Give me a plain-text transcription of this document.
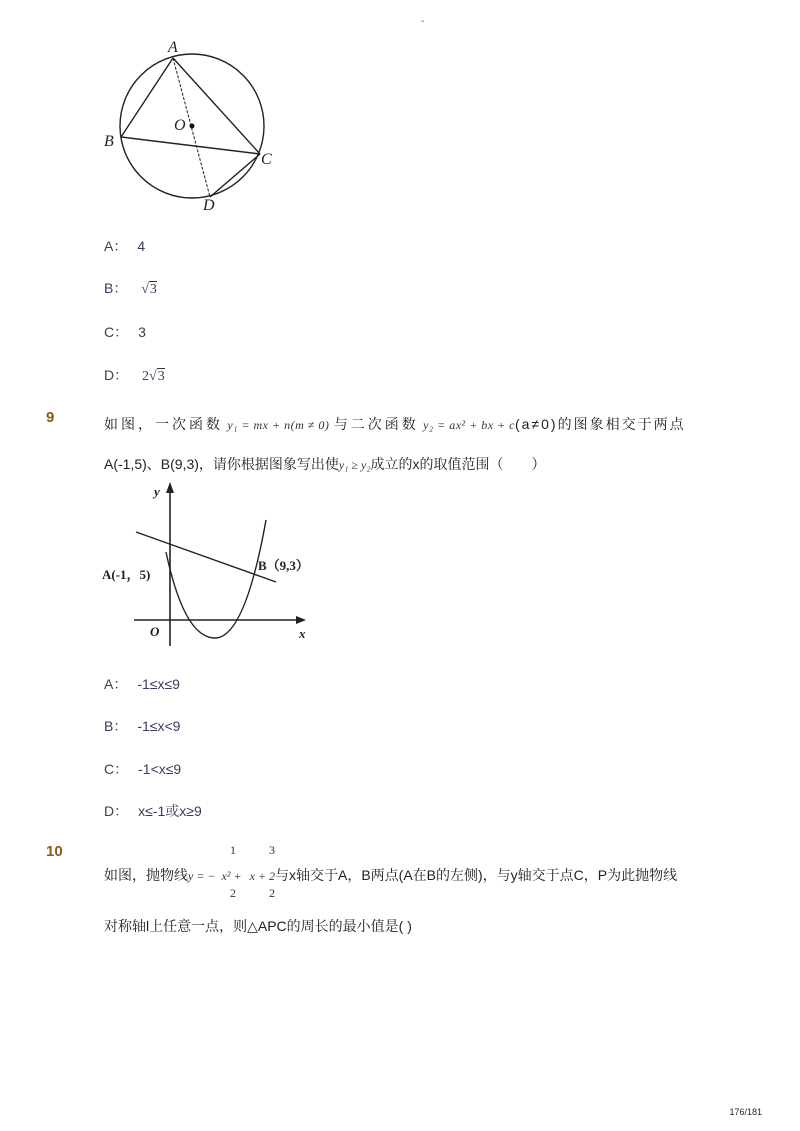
-
A
O
B
C
D
A： 4
B： √3
C： 3
D： 2√3
9	如图，一次函数 y₁ = mx + n(m ≠ 0) 与二次函数 y₂ = ax² + bx + c(a≠0)的图象相交于两点
A(-1,5)、B(9,3)，请你根据图象写出使y₁ ≥ y₂成立的x的取值范围（　　）
y
x
O
A(-1，5)
B（9,3）
A： -1≤x≤9
B： -1≤x<9
C： -1<x≤9
D： x≤-1或x≥9
10	1
2
3
2
如图，抛物线y = − x² + x + 2与x轴交于A，B两点(A在B的左侧)，与y轴交于点C，P为此抛物线
对称轴l上任意一点，则△APC的周长的最小值是( )
176/181
